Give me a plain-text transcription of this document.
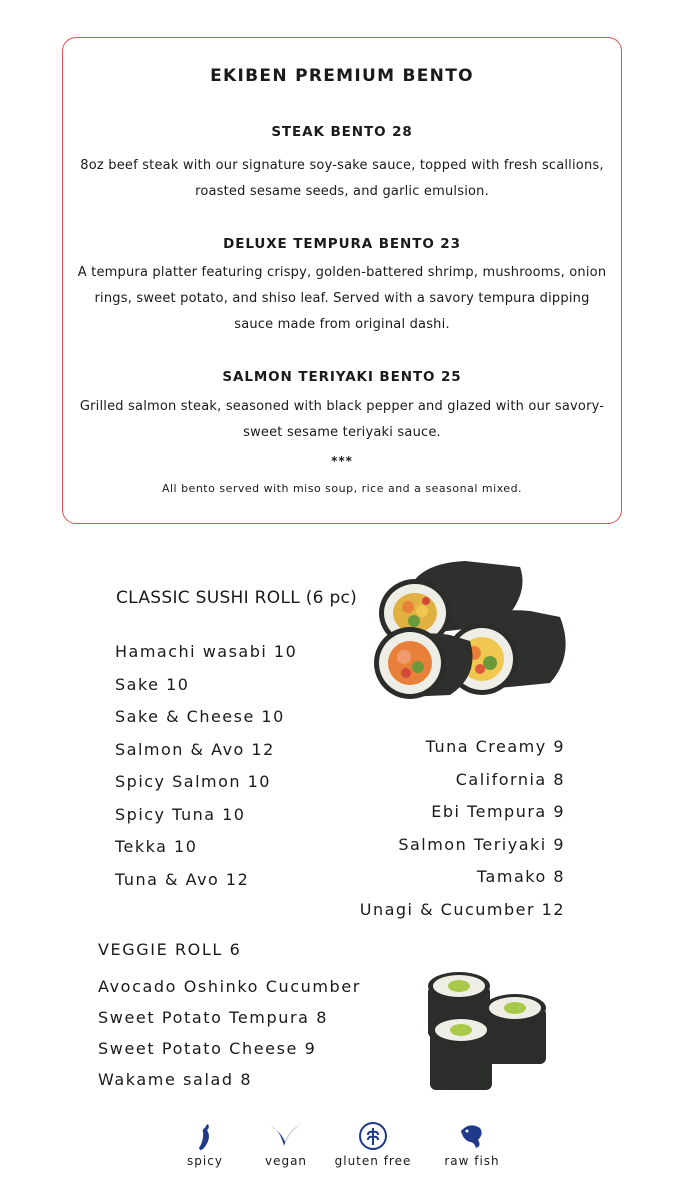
EKIBEN PREMIUM BENTO
STEAK BENTO 28
8oz beef steak with our signature soy-sake sauce, topped with fresh scallions, roasted sesame seeds, and garlic emulsion.
DELUXE TEMPURA BENTO 23
A tempura platter featuring crispy, golden-battered shrimp, mushrooms, onion rings, sweet potato, and shiso leaf. Served with a savory tempura dipping sauce made from original dashi.
SALMON TERIYAKI BENTO 25
Grilled salmon steak, seasoned with black pepper and glazed with our savory-sweet sesame teriyaki sauce.
***
All bento served with miso soup, rice and a seasonal mixed.
CLASSIC SUSHI ROLL (6 pc)
Hamachi wasabi 10
Sake 10
Sake & Cheese 10
Salmon & Avo 12
Spicy Salmon 10
Spicy Tuna 10
Tekka 10
Tuna & Avo 12
Tuna Creamy 9
California 8
Ebi Tempura 9
Salmon Teriyaki 9
Tamako 8
Unagi & Cucumber 12
VEGGIE ROLL 6
Avocado Oshinko Cucumber
Sweet Potato Tempura 8
Sweet Potato Cheese 9
Wakame salad 8
spicy	vegan	gluten free	raw fish
